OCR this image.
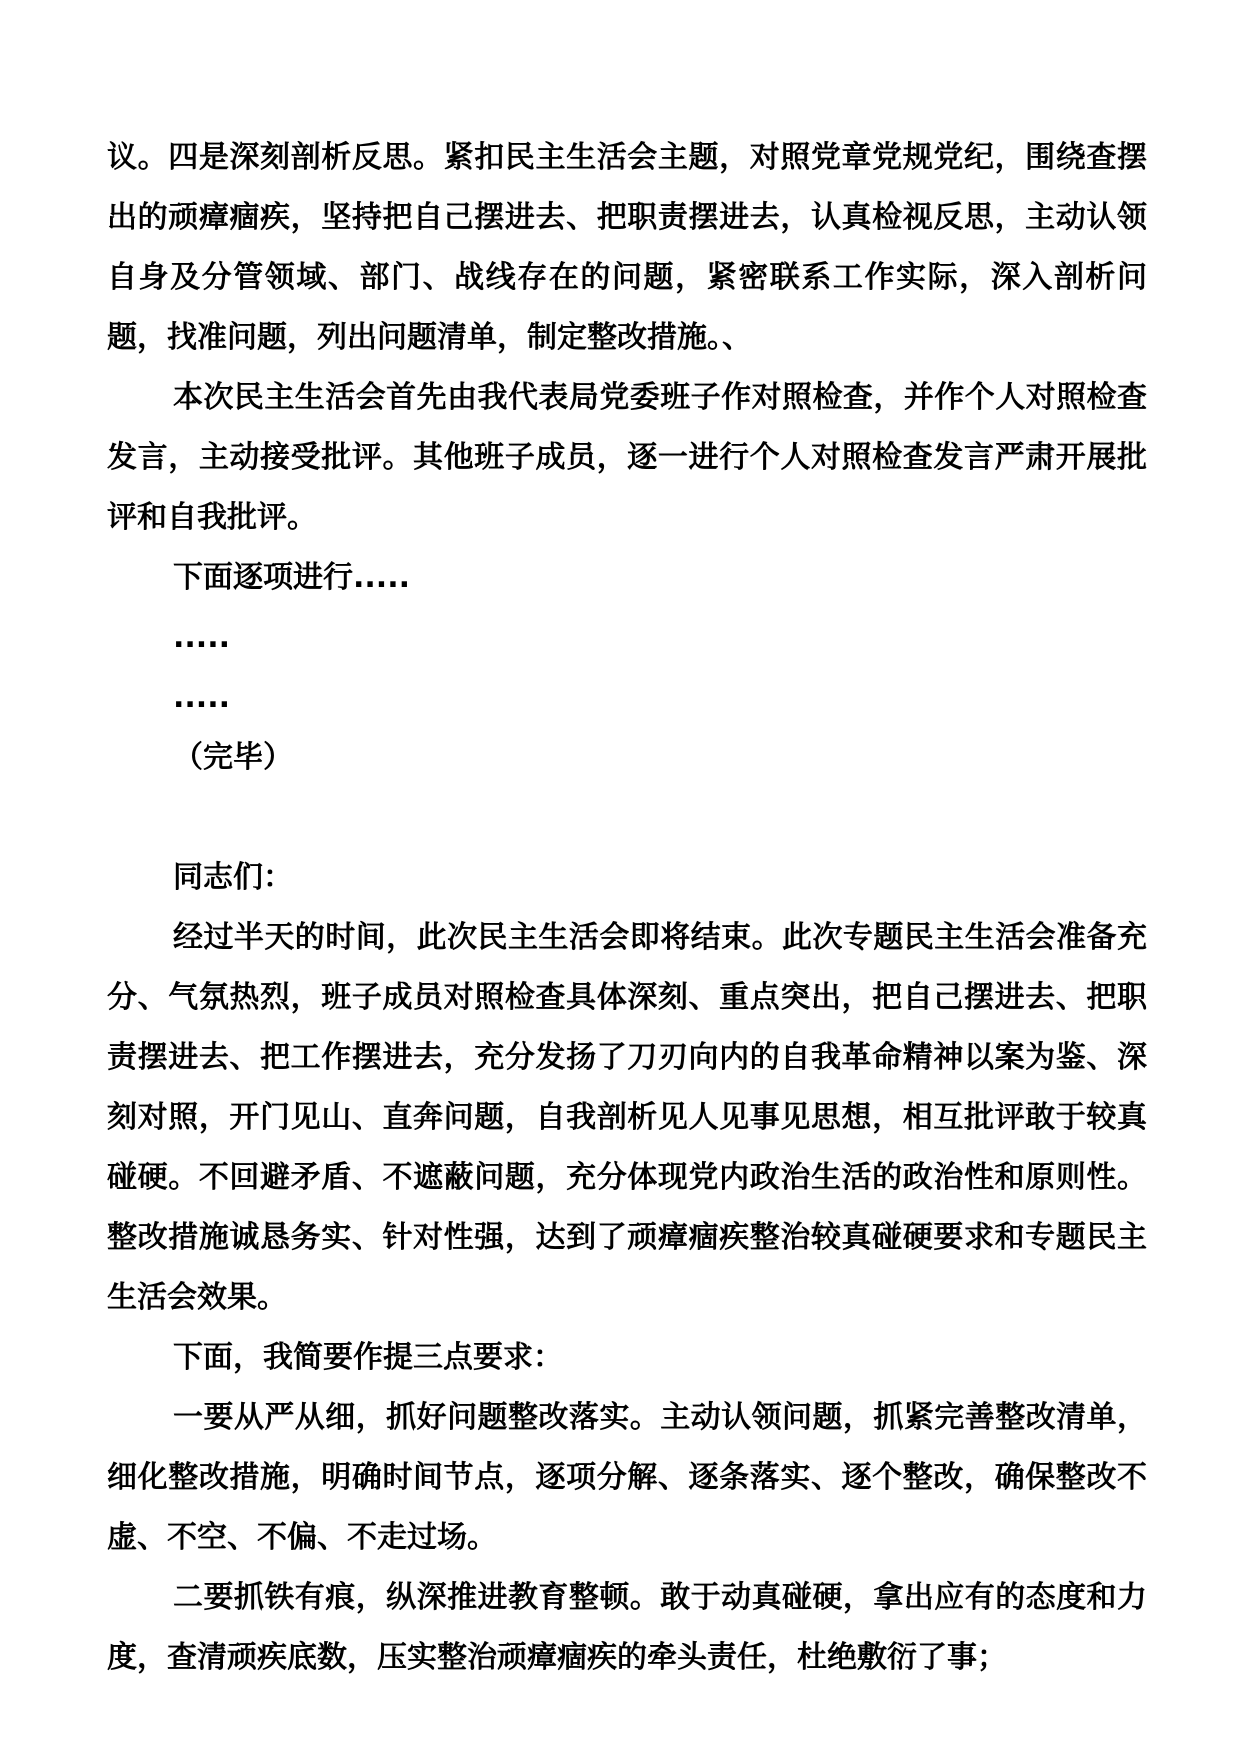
议。四是深刻剖析反思。紧扣民主生活会主题，对照党章党规党纪，围绕查摆出的顽瘴痼疾，坚持把自己摆进去、把职责摆进去，认真检视反思，主动认领自身及分管领域、部门、战线存在的问题，紧密联系工作实际，深入剖析问题，找准问题，列出问题清单，制定整改措施。、

本次民主生活会首先由我代表局党委班子作对照检查，并作个人对照检查发言，主动接受批评。其他班子成员，逐一进行个人对照检查发言严肃开展批评和自我批评。

下面逐项进行.....

.....

.....

（完毕）

同志们：

经过半天的时间，此次民主生活会即将结束。此次专题民主生活会准备充分、气氛热烈，班子成员对照检查具体深刻、重点突出，把自己摆进去、把职责摆进去、把工作摆进去，充分发扬了刀刃向内的自我革命精神以案为鉴、深刻对照，开门见山、直奔问题，自我剖析见人见事见思想，相互批评敢于较真碰硬。不回避矛盾、不遮蔽问题，充分体现党内政治生活的政治性和原则性。整改措施诚恳务实、针对性强，达到了顽瘴痼疾整治较真碰硬要求和专题民主生活会效果。

下面，我简要作提三点要求：

一要从严从细，抓好问题整改落实。主动认领问题，抓紧完善整改清单，细化整改措施，明确时间节点，逐项分解、逐条落实、逐个整改，确保整改不虚、不空、不偏、不走过场。

二要抓铁有痕，纵深推进教育整顿。敢于动真碰硬，拿出应有的态度和力度，查清顽疾底数，压实整治顽瘴痼疾的牵头责任，杜绝敷衍了事；
